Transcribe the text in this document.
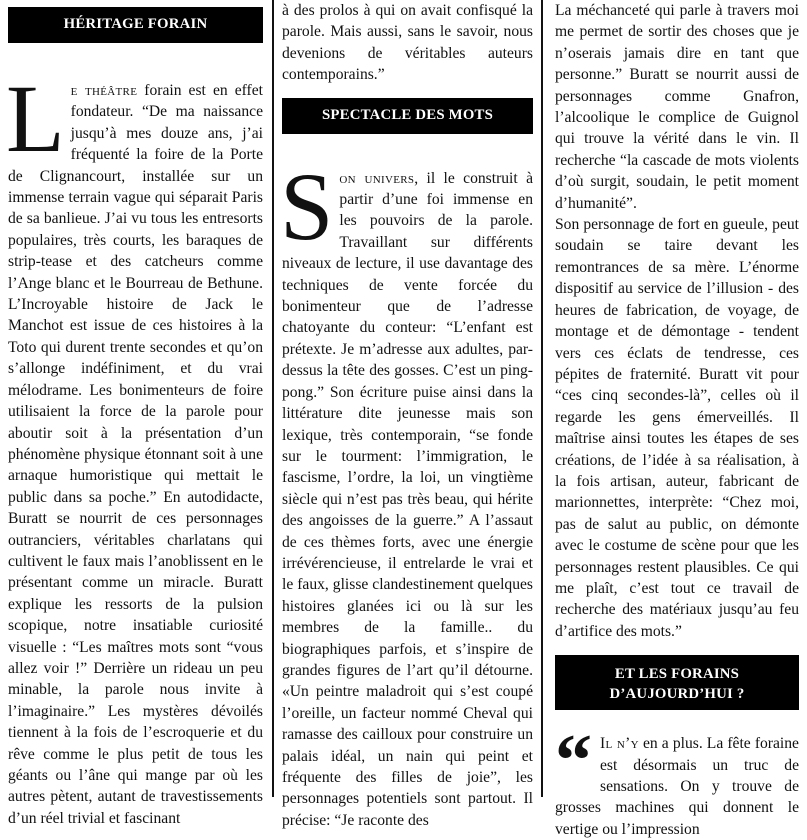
HÉRITAGE FORAIN

Le théâtre forain est en effet fondateur. “De ma naissance jusqu’à mes douze ans, j’ai fréquenté la foire de la Porte de Clignancourt, installée sur un immense terrain vague qui séparait Paris de sa banlieue. J’ai vu tous les entresorts populaires, très courts, les baraques de strip-tease et des catcheurs comme l’Ange blanc et le Bourreau de Bethune. L’Incroyable histoire de Jack le Manchot est issue de ces histoires à la Toto qui durent trente secondes et qu’on s’allonge indéfiniment, et du vrai mélodrame. Les bonimenteurs de foire utilisaient la force de la parole pour aboutir soit à la présentation d’un phénomène physique étonnant soit à une arnaque humoristique qui mettait le public dans sa poche.” En autodidacte, Buratt se nourrit de ces personnages outranciers, véritables charlatans qui cultivent le faux mais l’anoblissent en le présentant comme un miracle. Buratt explique les ressorts de la pulsion scopique, notre insatiable curiosité visuelle : “Les maîtres mots sont “vous allez voir !” Derrière un rideau un peu minable, la parole nous invite à l’imaginaire.” Les mystères dévoilés tiennent à la fois de l’escroquerie et du rêve comme le plus petit de tous les géants ou l’âne qui mange par où les autres pètent, autant de travestissements d’un réel trivial et fascinant

à des prolos à qui on avait confisqué la parole. Mais aussi, sans le savoir, nous devenions de véritables auteurs contemporains.”

SPECTACLE DES MOTS

Son univers, il le construit à partir d’une foi immense en les pouvoirs de la parole. Travaillant sur différents niveaux de lecture, il use davantage des techniques de vente forcée du bonimenteur que de l’adresse chatoyante du conteur: “L’enfant est prétexte. Je m’adresse aux adultes, par-dessus la tête des gosses. C’est un ping-pong.” Son écriture puise ainsi dans la littérature dite jeunesse mais son lexique, très contemporain, “se fonde sur le tourment: l’immigration, le fascisme, l’ordre, la loi, un vingtième siècle qui n’est pas très beau, qui hérite des angoisses de la guerre.” A l’assaut de ces thèmes forts, avec une énergie irrévérencieuse, il entrelarde le vrai et le faux, glisse clandestinement quelques histoires glanées ici ou là sur les membres de la famille.. du biographiques parfois, et s’inspire de grandes figures de l’art qu’il détourne. «Un peintre maladroit qui s’est coupé l’oreille, un facteur nommé Cheval qui ramasse des cailloux pour construire un palais idéal, un nain qui peint et fréquente des filles de joie”, les personnages potentiels sont partout. Il précise: “Je raconte des

La méchanceté qui parle à travers moi me permet de sortir des choses que je n’oserais jamais dire en tant que personne.” Buratt se nourrit aussi de personnages comme Gnafron, l’alcoolique le complice de Guignol qui trouve la vérité dans le vin. Il recherche “la cascade de mots violents d’où surgit, soudain, le petit moment d’humanité”.

Son personnage de fort en gueule, peut soudain se taire devant les remontrances de sa mère. L’énorme dispositif au service de l’illusion - des heures de fabrication, de voyage, de montage et de démontage - tendent vers ces éclats de tendresse, ces pépites de fraternité. Buratt vit pour “ces cinq secondes-là”, celles où il regarde les gens émerveillés. Il maîtrise ainsi toutes les étapes de ses créations, de l’idée à sa réalisation, à la fois artisan, auteur, fabricant de marionnettes, interprète: “Chez moi, pas de salut au public, on démonte avec le costume de scène pour que les personnages restent plausibles. Ce qui me plaît, c’est tout ce travail de recherche des matériaux jusqu’au feu d’artifice des mots.”

ET LES FORAINS
D’AUJOURD’HUI ?

“ Il n’y en a plus. La fête foraine est désormais un truc de sensations. On y trouve de grosses machines qui donnent le vertige ou l’impression
